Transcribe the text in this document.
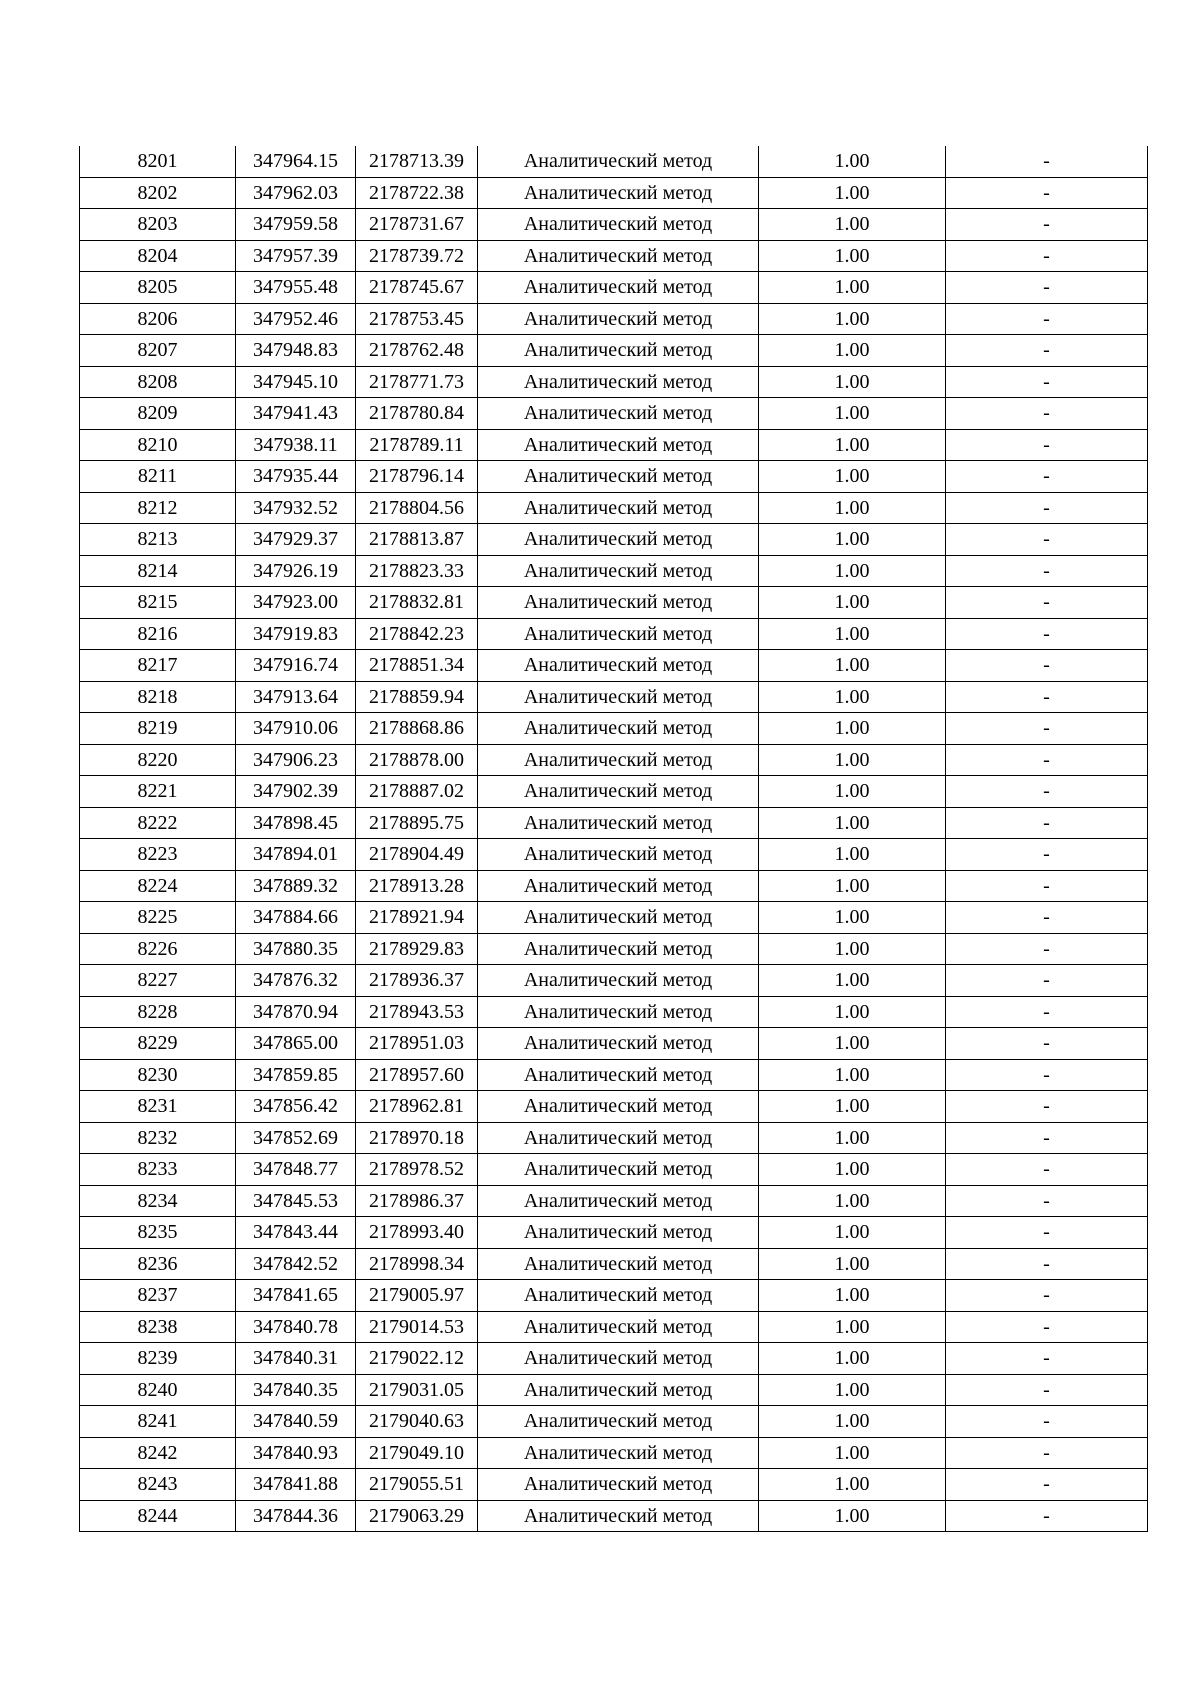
8201	347964.15	2178713.39	Аналитический метод	1.00	-
8202	347962.03	2178722.38	Аналитический метод	1.00	-
8203	347959.58	2178731.67	Аналитический метод	1.00	-
8204	347957.39	2178739.72	Аналитический метод	1.00	-
8205	347955.48	2178745.67	Аналитический метод	1.00	-
8206	347952.46	2178753.45	Аналитический метод	1.00	-
8207	347948.83	2178762.48	Аналитический метод	1.00	-
8208	347945.10	2178771.73	Аналитический метод	1.00	-
8209	347941.43	2178780.84	Аналитический метод	1.00	-
8210	347938.11	2178789.11	Аналитический метод	1.00	-
8211	347935.44	2178796.14	Аналитический метод	1.00	-
8212	347932.52	2178804.56	Аналитический метод	1.00	-
8213	347929.37	2178813.87	Аналитический метод	1.00	-
8214	347926.19	2178823.33	Аналитический метод	1.00	-
8215	347923.00	2178832.81	Аналитический метод	1.00	-
8216	347919.83	2178842.23	Аналитический метод	1.00	-
8217	347916.74	2178851.34	Аналитический метод	1.00	-
8218	347913.64	2178859.94	Аналитический метод	1.00	-
8219	347910.06	2178868.86	Аналитический метод	1.00	-
8220	347906.23	2178878.00	Аналитический метод	1.00	-
8221	347902.39	2178887.02	Аналитический метод	1.00	-
8222	347898.45	2178895.75	Аналитический метод	1.00	-
8223	347894.01	2178904.49	Аналитический метод	1.00	-
8224	347889.32	2178913.28	Аналитический метод	1.00	-
8225	347884.66	2178921.94	Аналитический метод	1.00	-
8226	347880.35	2178929.83	Аналитический метод	1.00	-
8227	347876.32	2178936.37	Аналитический метод	1.00	-
8228	347870.94	2178943.53	Аналитический метод	1.00	-
8229	347865.00	2178951.03	Аналитический метод	1.00	-
8230	347859.85	2178957.60	Аналитический метод	1.00	-
8231	347856.42	2178962.81	Аналитический метод	1.00	-
8232	347852.69	2178970.18	Аналитический метод	1.00	-
8233	347848.77	2178978.52	Аналитический метод	1.00	-
8234	347845.53	2178986.37	Аналитический метод	1.00	-
8235	347843.44	2178993.40	Аналитический метод	1.00	-
8236	347842.52	2178998.34	Аналитический метод	1.00	-
8237	347841.65	2179005.97	Аналитический метод	1.00	-
8238	347840.78	2179014.53	Аналитический метод	1.00	-
8239	347840.31	2179022.12	Аналитический метод	1.00	-
8240	347840.35	2179031.05	Аналитический метод	1.00	-
8241	347840.59	2179040.63	Аналитический метод	1.00	-
8242	347840.93	2179049.10	Аналитический метод	1.00	-
8243	347841.88	2179055.51	Аналитический метод	1.00	-
8244	347844.36	2179063.29	Аналитический метод	1.00	-
